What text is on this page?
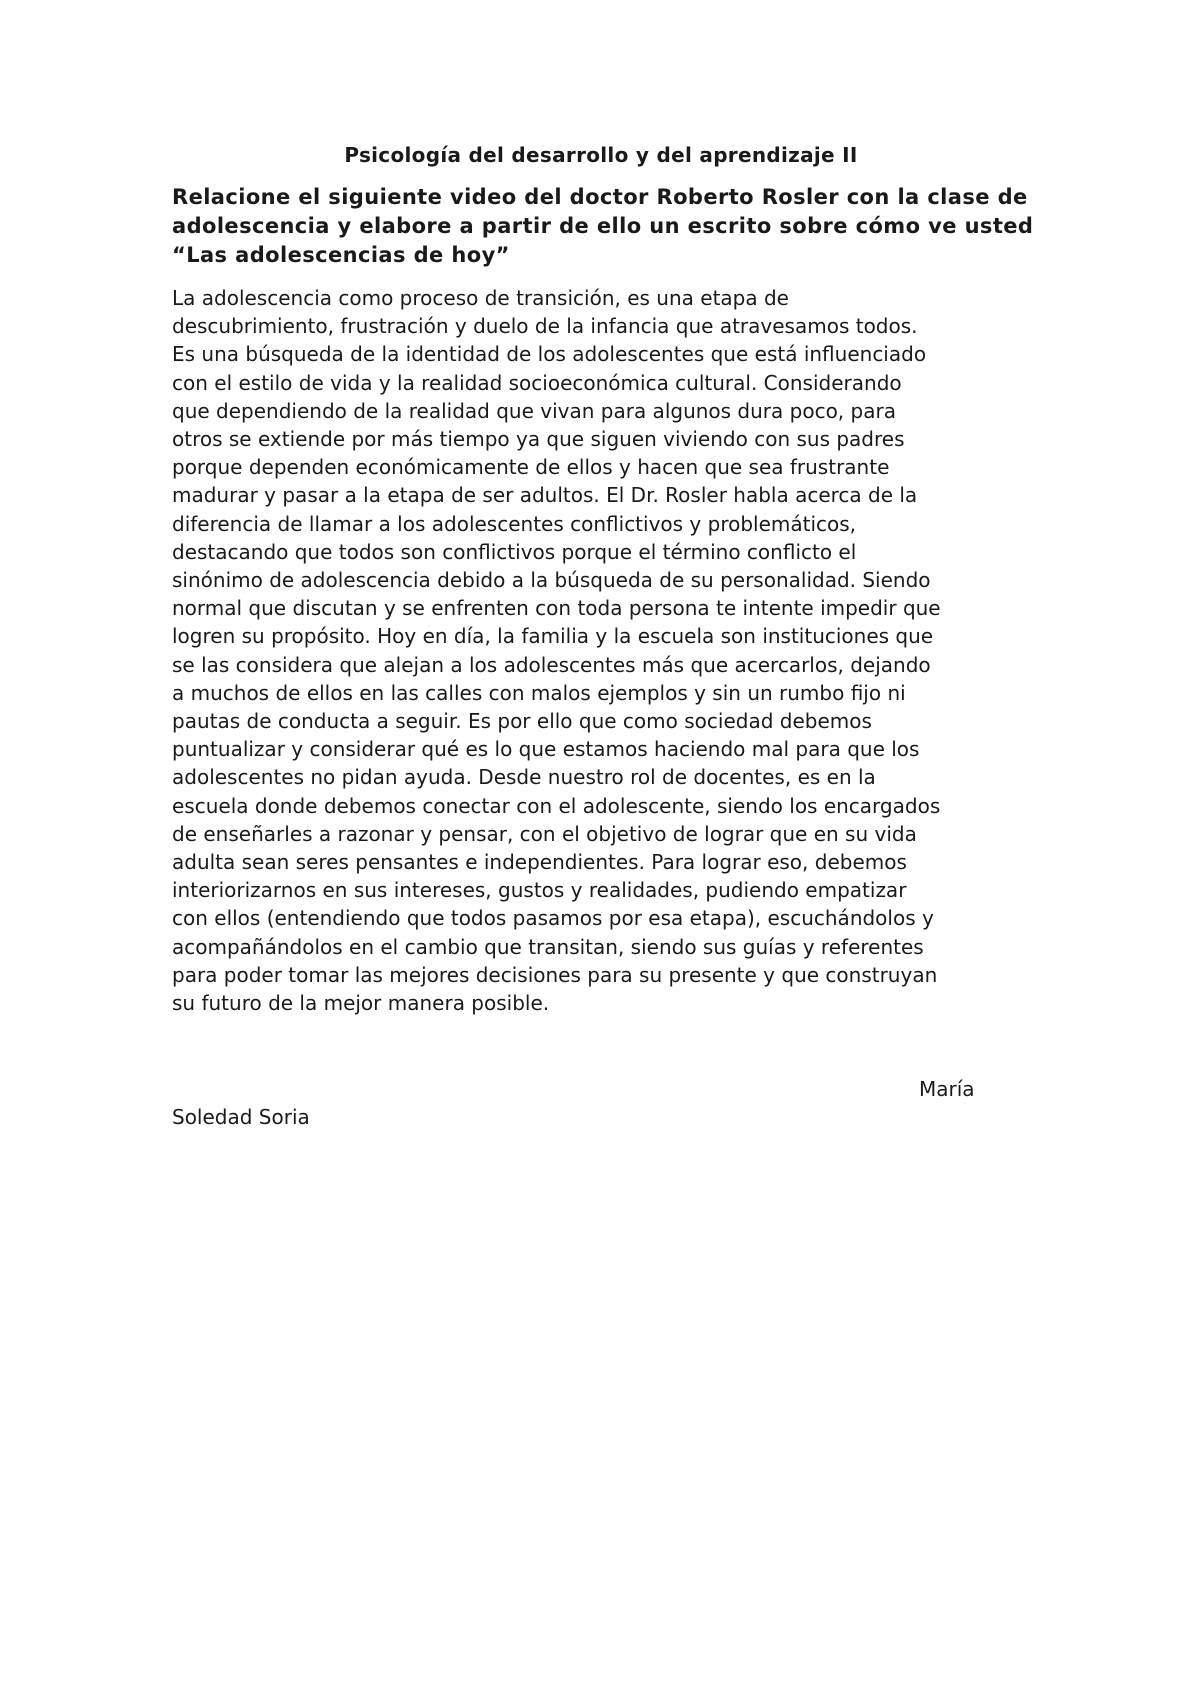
Psicología del desarrollo y del aprendizaje II

Relacione el siguiente video del doctor Roberto Rosler con la clase de adolescencia y elabore a partir de ello un escrito sobre cómo ve usted “Las adolescencias de hoy”

La adolescencia como proceso de transición, es una etapa de
descubrimiento, frustración y duelo de la infancia que atravesamos todos.
Es una búsqueda de la identidad de los adolescentes que está influenciado
con el estilo de vida y la realidad socioeconómica cultural. Considerando
que dependiendo de la realidad que vivan para algunos dura poco, para
otros se extiende por más tiempo ya que siguen viviendo con sus padres
porque dependen económicamente de ellos y hacen que sea frustrante
madurar y pasar a la etapa de ser adultos. El Dr. Rosler habla acerca de la
diferencia de llamar a los adolescentes conflictivos y problemáticos,
destacando que todos son conflictivos porque el término conflicto el
sinónimo de adolescencia debido a la búsqueda de su personalidad. Siendo
normal que discutan y se enfrenten con toda persona te intente impedir que
logren su propósito. Hoy en día, la familia y la escuela son instituciones que
se las considera que alejan a los adolescentes más que acercarlos, dejando
a muchos de ellos en las calles con malos ejemplos y sin un rumbo fijo ni
pautas de conducta a seguir. Es por ello que como sociedad debemos
puntualizar y considerar qué es lo que estamos haciendo mal para que los
adolescentes no pidan ayuda. Desde nuestro rol de docentes, es en la
escuela donde debemos conectar con el adolescente, siendo los encargados
de enseñarles a razonar y pensar, con el objetivo de lograr que en su vida
adulta sean seres pensantes e independientes. Para lograr eso, debemos
interiorizarnos en sus intereses, gustos y realidades, pudiendo empatizar
con ellos (entendiendo que todos pasamos por esa etapa), escuchándolos y
acompañándolos en el cambio que transitan, siendo sus guías y referentes
para poder tomar las mejores decisiones para su presente y que construyan
su futuro de la mejor manera posible.

María

Soledad Soria
